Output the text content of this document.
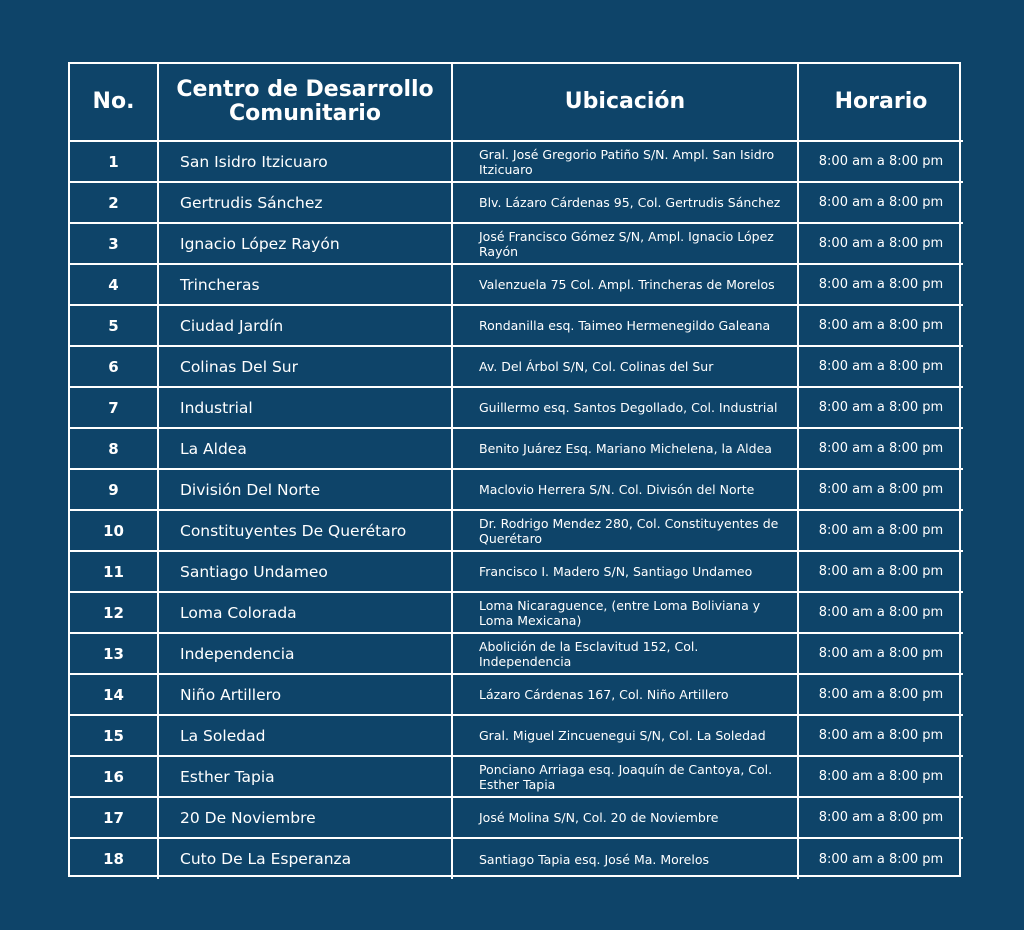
No.	Centro de Desarrollo Comunitario	Ubicación	Horario
1	San Isidro Itzicuaro	Gral. José Gregorio Patiño S/N. Ampl. San Isidro Itzicuaro	8:00 am a 8:00 pm
2	Gertrudis Sánchez	Blv. Lázaro Cárdenas 95, Col. Gertrudis Sánchez	8:00 am a 8:00 pm
3	Ignacio López Rayón	José Francisco Gómez S/N, Ampl. Ignacio López Rayón	8:00 am a 8:00 pm
4	Trincheras	Valenzuela 75 Col. Ampl. Trincheras de Morelos	8:00 am a 8:00 pm
5	Ciudad Jardín	Rondanilla esq. Taimeo Hermenegildo Galeana	8:00 am a 8:00 pm
6	Colinas Del Sur	Av. Del Árbol S/N, Col. Colinas del Sur	8:00 am a 8:00 pm
7	Industrial	Guillermo esq. Santos Degollado, Col. Industrial	8:00 am a 8:00 pm
8	La Aldea	Benito Juárez Esq. Mariano Michelena, la Aldea	8:00 am a 8:00 pm
9	División Del Norte	Maclovio Herrera S/N. Col. Divisón del Norte	8:00 am a 8:00 pm
10	Constituyentes De Querétaro	Dr. Rodrigo Mendez 280, Col. Constituyentes de Querétaro	8:00 am a 8:00 pm
11	Santiago Undameo	Francisco I. Madero S/N, Santiago Undameo	8:00 am a 8:00 pm
12	Loma Colorada	Loma Nicaraguence, (entre Loma Boliviana y Loma Mexicana)	8:00 am a 8:00 pm
13	Independencia	Abolición de la Esclavitud 152, Col. Independencia	8:00 am a 8:00 pm
14	Niño Artillero	Lázaro Cárdenas 167, Col. Niño Artillero	8:00 am a 8:00 pm
15	La Soledad	Gral. Miguel Zincuenegui S/N, Col. La Soledad	8:00 am a 8:00 pm
16	Esther Tapia	Ponciano Arriaga esq. Joaquín de Cantoya, Col. Esther Tapia	8:00 am a 8:00 pm
17	20 De Noviembre	José Molina S/N, Col. 20 de Noviembre	8:00 am a 8:00 pm
18	Cuto De La Esperanza	Santiago Tapia esq. José Ma. Morelos	8:00 am a 8:00 pm
